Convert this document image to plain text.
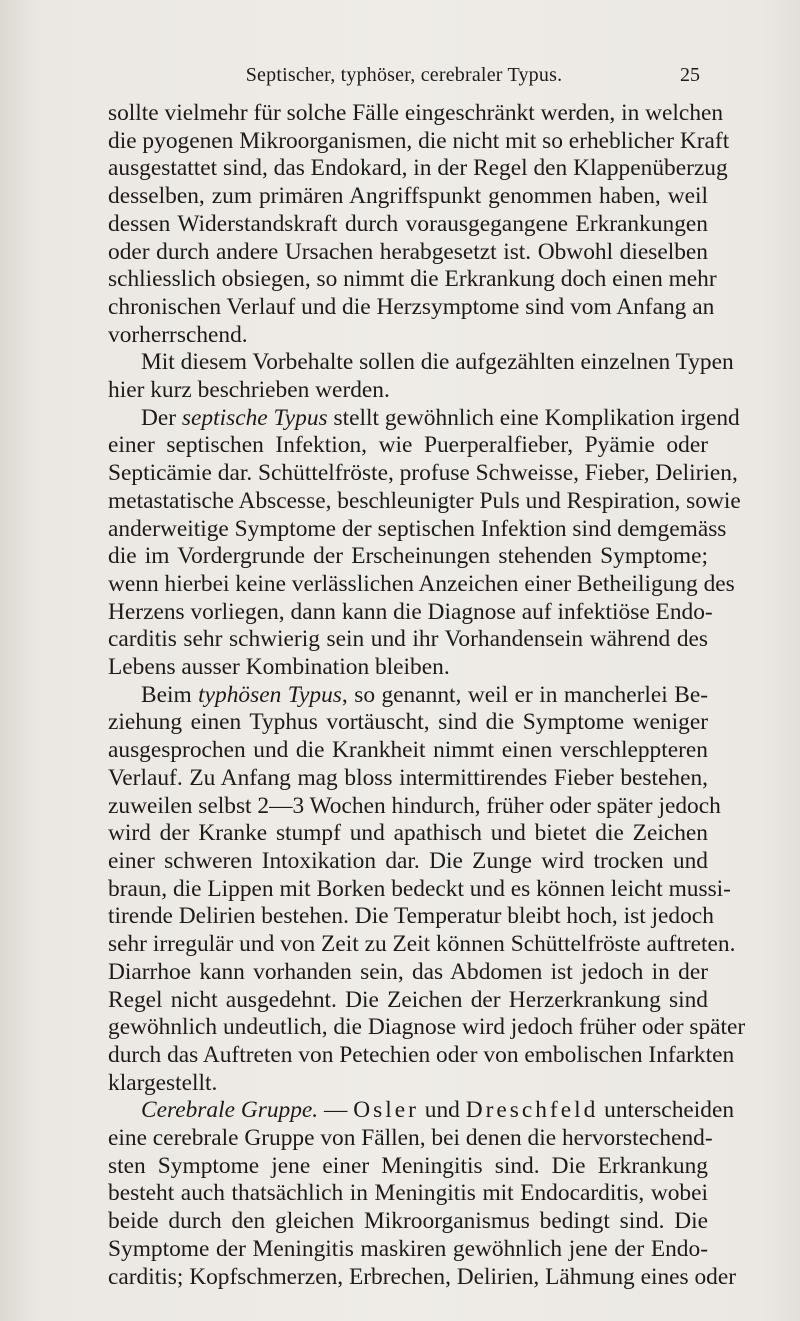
Septischer, typhöser, cerebraler Typus.	25

sollte vielmehr für solche Fälle eingeschränkt werden, in welchen
die pyogenen Mikroorganismen, die nicht mit so erheblicher Kraft
ausgestattet sind, das Endokard, in der Regel den Klappenüberzug
desselben, zum primären Angriffspunkt genommen haben, weil
dessen Widerstandskraft durch vorausgegangene Erkrankungen
oder durch andere Ursachen herabgesetzt ist. Obwohl dieselben
schliesslich obsiegen, so nimmt die Erkrankung doch einen mehr
chronischen Verlauf und die Herzsymptome sind vom Anfang an
vorherrschend.

Mit diesem Vorbehalte sollen die aufgezählten einzelnen Typen
hier kurz beschrieben werden.

Der septische Typus stellt gewöhnlich eine Komplikation irgend
einer septischen Infektion, wie Puerperalfieber, Pyämie oder
Septicämie dar. Schüttelfröste, profuse Schweisse, Fieber, Delirien,
metastatische Abscesse, beschleunigter Puls und Respiration, sowie
anderweitige Symptome der septischen Infektion sind demgemäss
die im Vordergrunde der Erscheinungen stehenden Symptome;
wenn hierbei keine verlässlichen Anzeichen einer Betheiligung des
Herzens vorliegen, dann kann die Diagnose auf infektiöse Endo-
carditis sehr schwierig sein und ihr Vorhandensein während des
Lebens ausser Kombination bleiben.

Beim typhösen Typus, so genannt, weil er in mancherlei Be-
ziehung einen Typhus vortäuscht, sind die Symptome weniger
ausgesprochen und die Krankheit nimmt einen verschleppteren
Verlauf. Zu Anfang mag bloss intermittirendes Fieber bestehen,
zuweilen selbst 2—3 Wochen hindurch, früher oder später jedoch
wird der Kranke stumpf und apathisch und bietet die Zeichen
einer schweren Intoxikation dar. Die Zunge wird trocken und
braun, die Lippen mit Borken bedeckt und es können leicht mussi-
tirende Delirien bestehen. Die Temperatur bleibt hoch, ist jedoch
sehr irregulär und von Zeit zu Zeit können Schüttelfröste auftreten.
Diarrhoe kann vorhanden sein, das Abdomen ist jedoch in der
Regel nicht ausgedehnt. Die Zeichen der Herzerkrankung sind
gewöhnlich undeutlich, die Diagnose wird jedoch früher oder später
durch das Auftreten von Petechien oder von embolischen Infarkten
klargestellt.

Cerebrale Gruppe. — Osler und Dreschfeld unterscheiden
eine cerebrale Gruppe von Fällen, bei denen die hervorstechend-
sten Symptome jene einer Meningitis sind. Die Erkrankung
besteht auch thatsächlich in Meningitis mit Endocarditis, wobei
beide durch den gleichen Mikroorganismus bedingt sind. Die
Symptome der Meningitis maskiren gewöhnlich jene der Endo-
carditis; Kopfschmerzen, Erbrechen, Delirien, Lähmung eines oder
